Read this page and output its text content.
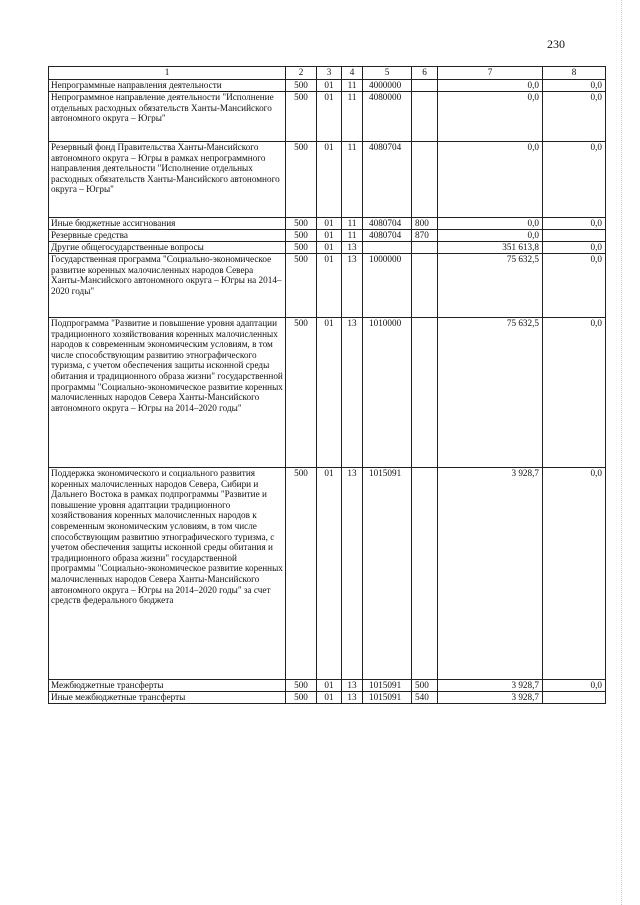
230
1	2	3	4	5	6	7	8
Непрограммные направления деятельности	500	01	11	4000000		0,0	0,0
Непрограммное направление деятельности "Исполнение отдельных расходных обязательств Ханты-Мансийского автономного округа – Югры"	500	01	11	4080000		0,0	0,0
Резервный фонд Правительства Ханты-Мансийского автономного округа – Югры в рамках непрограммного направления деятельности "Исполнение отдельных расходных обязательств Ханты-Мансийского автономного округа – Югры"	500	01	11	4080704		0,0	0,0
Иные бюджетные ассигнования	500	01	11	4080704	800	0,0	0,0
Резервные средства	500	01	11	4080704	870	0,0	
Другие общегосударственные вопросы	500	01	13			351 613,8	0,0
Государственная программа "Социально-экономическое развитие коренных малочисленных народов Севера Ханты-Мансийского автономного округа – Югры на 2014–2020 годы"	500	01	13	1000000		75 632,5	0,0
Подпрограмма "Развитие и повышение уровня адаптации традиционного хозяйствования коренных малочисленных народов к современным экономическим условиям, в том числе способствующим развитию этнографического туризма, с учетом обеспечения защиты исконной среды обитания и традиционного образа жизни" государственной программы "Социально-экономическое развитие коренных малочисленных народов Севера Ханты-Мансийского автономного округа – Югры на 2014–2020 годы"	500	01	13	1010000		75 632,5	0,0
Поддержка экономического и социального развития коренных малочисленных народов Севера, Сибири и Дальнего Востока в рамках подпрограммы "Развитие и повышение уровня адаптации традиционного хозяйствования коренных малочисленных народов к современным экономическим условиям, в том числе способствующим развитию этнографического туризма, с учетом обеспечения защиты исконной среды обитания и традиционного образа жизни" государственной программы "Социально-экономическое развитие коренных малочисленных народов Севера Ханты-Мансийского автономного округа – Югры на 2014–2020 годы" за счет средств федерального бюджета	500	01	13	1015091		3 928,7	0,0
Межбюджетные трансферты	500	01	13	1015091	500	3 928,7	0,0
Иные межбюджетные трансферты	500	01	13	1015091	540	3 928,7	
